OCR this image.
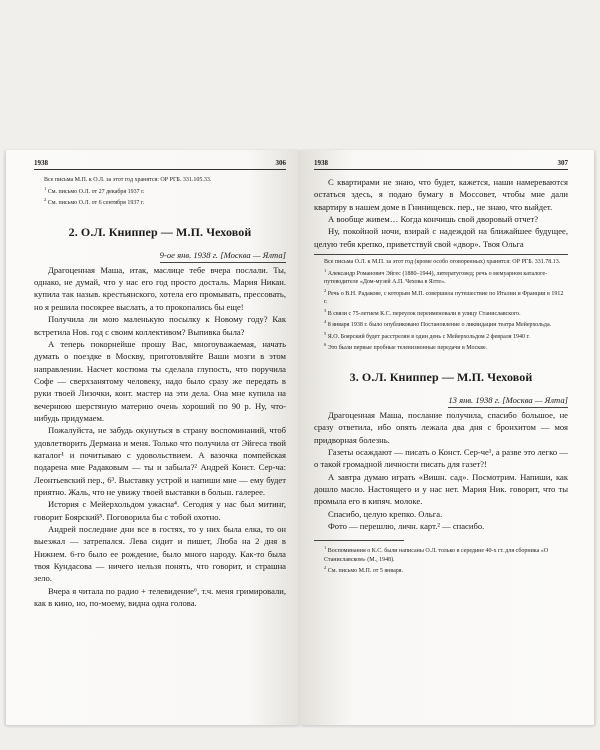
1938	306

Все письма М.П. к О.Л. за этот год хранятся: ОР РГБ. 331.105.33.

$^1$ См. письмо О.Л. от 27 декабря 1937 г.

$^2$ См. письмо О.Л. от 6 сентября 1937 г.

2. О.Л. Книппер — М.П. Чеховой

9-ое янв. 1938 г. [Москва — Ялта]

Драгоценная Маша, итак, маслице тебе вчера послали. Ты, однако, не думай, что у нас его год просто досталь. Мария Никан. купила так назыв. крестьянского, хотела его промывать, прессовать, но я решила посокрее выслать, а то прокопались бы еще!

Получила ли мою маленькую посылку к Новому году? Как встретила Нов. год с своим коллективом? Выпивка была?

А теперь покорнейше прошу Вас, многоуважаемая, начать думать о поездке в Москву, приготовляйте Ваши мозги в этом направлении. Насчет костюма ты сделала глупость, что поручила Софе — сверхзанятому человеку, надо было сразу же передать в руки твоей Лизочки, конт. мастер на эти дела. Она мне купила на вечернюю шерстяную материю очень хороший по 90 р. Ну, что-нибудь придумаем.

Пожалуйста, не забудь окунуться в страну воспоминаний, чтоб удовлетворить Дермана и меня. Только что получила от Эйгеса твой каталог¹ и почитываю с удовольствием. А вазочка помпейская подарена мне Радаковым — ты и забыла?² Андрей Конст. Сер-ча: Леонтьевский пер., 6³. Выставку устрой и напиши мне — ему будет приятно. Жаль, что не увижу твоей выставки в больш. галерее.

История с Мейерхольдом ужасна⁴. Сегодня у нас был митинг, говорит Боярский⁵. Поговорила бы с тобой охотно.

Андрей последние дни все в гостях, то у них была елка, то он выезжал — затрепался. Лева сидит и пишет, Люба на 2 дня в Нижнем. 6-го было ее рождение, было много народу. Как-то была твоя Кундасова — ничего нельзя понять, что говорит, и страшна зело.

Вчера я читала по радио + телевидение⁶, т.ч. меня гримировали, как в кино, но, по-моему, видна одна голова.

1938	307

С квартирами не знаю, что будет, кажется, наши намереваются остаться здесь, я подаю бумагу в Моссовет, чтобы мне дали квартиру в нашем доме в Гнинищевск. пер., не знаю, что выйдет.

А вообще живем… Когда кончишь свой дворовый отчет?

Ну, покойной ночи, взирай с надеждой на ближайшее будущее, целую тебя крепко, приветствуй свой «двор». Твоя Ольга

Все письма О.Л. к М.П. за этот год (кроме особо оговоренных) хранятся: ОР РГБ. 331.78.13.

$^1$ Александр Романович Эйгес (1880–1944), литератуговед; речь о мемуарном каталоге-путеводителе «Дом-музей А.П. Чехова в Ялте».

$^2$ Речь о В.Н. Радакове, с которым М.П. совершила путешествие по Италии и Франции в 1912 г.

$^3$ В связи с 75-летием К.С. переулок переименовали в улицу Станиславского.

$^4$ 8 января 1938 г. было опубликовано Постановление о ликвидации театра Мейерхольда.

$^5$ Я.О. Боярский будет расстрелян в один день с Мейерхольдом 2 февраля 1940 г.

$^6$ Это были первые пробные телевизионные передачи в Москве.

3. О.Л. Книппер — М.П. Чеховой

13 янв. 1938 г. [Москва — Ялта]

Драгоценная Маша, послание получила, спасибо большое, не сразу ответила, ибо опять лежала два дня с бронхитом — моя придворная болезнь.

Газеты осаждают — писать о Конст. Сер-че¹, а разве это легко — о такой громадной личности писать для газет?!

А завтра думаю играть «Вишн. сад». Посмотрим. Напиши, как дошло масло. Настоящего и у нас нет. Мария Ник. говорит, что ты промыла его в кипяч. молоке.

Спасибо, целую крепко. Ольга.

Фото — перешлю, личн. карт.² — спасибо.

$^1$ Воспоминания о К.С. были написаны О.Л. только в середине 40-х гг. для сборника «О Станиславском» (М., 1948).

$^2$ См. письмо М.П. от 5 января.
